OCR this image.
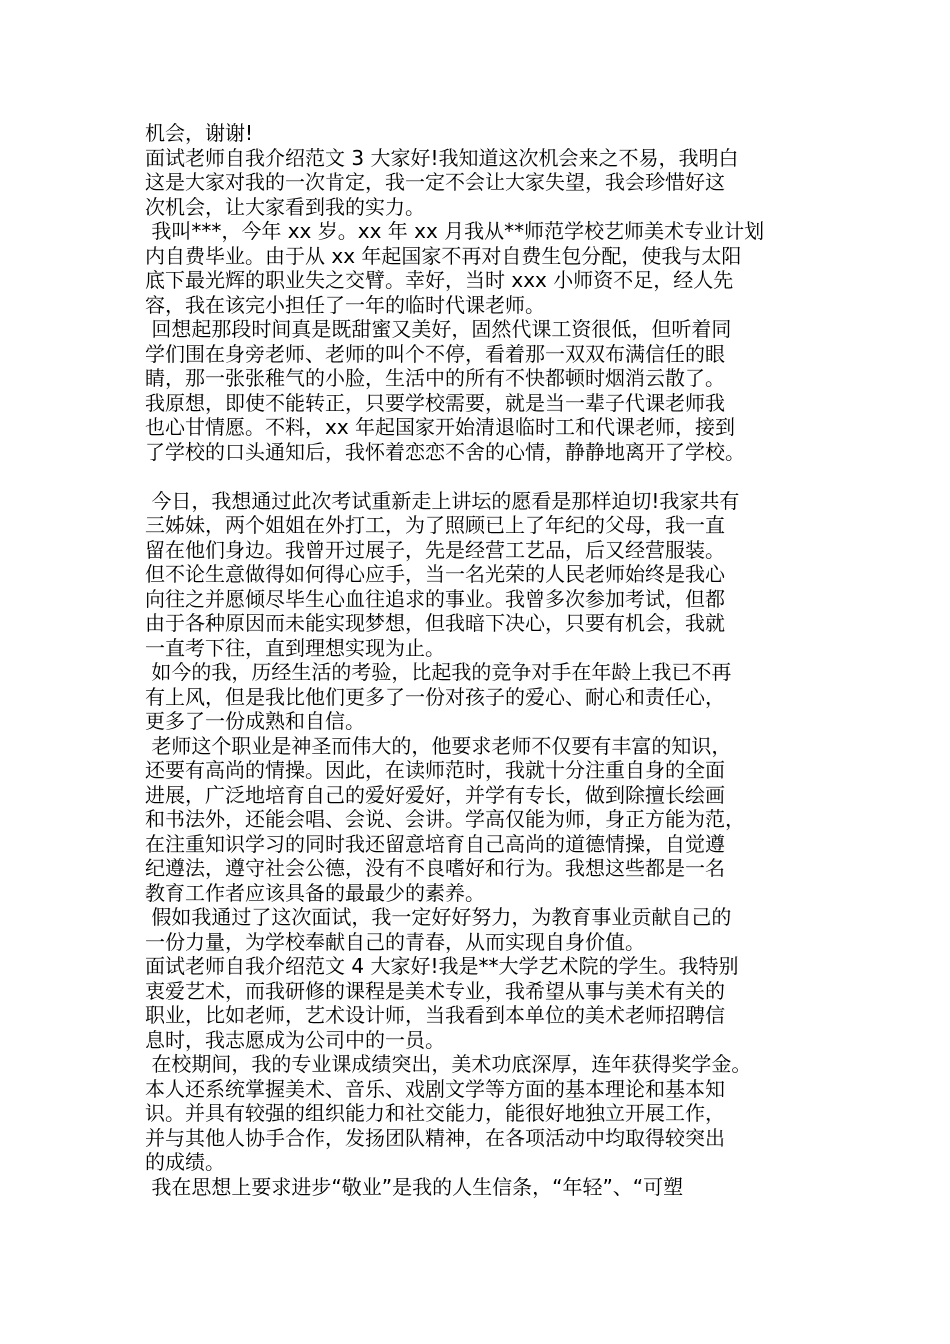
机会，谢谢!
面试老师自我介绍范文 3 大家好!我知道这次机会来之不易，我明白
这是大家对我的一次肯定，我一定不会让大家失望，我会珍惜好这
次机会，让大家看到我的实力。
我叫***，今年 xx 岁。xx 年 xx 月我从**师范学校艺师美术专业计划
内自费毕业。由于从 xx 年起国家不再对自费生包分配，使我与太阳
底下最光辉的职业失之交臂。幸好，当时 xxx 小师资不足，经人先
容，我在该完小担任了一年的临时代课老师。
回想起那段时间真是既甜蜜又美好，固然代课工资很低，但听着同
学们围在身旁老师、老师的叫个不停，看着那一双双布满信任的眼
睛，那一张张稚气的小脸，生活中的所有不快都顿时烟消云散了。
我原想，即使不能转正，只要学校需要，就是当一辈子代课老师我
也心甘情愿。不料，xx 年起国家开始清退临时工和代课老师，接到
了学校的口头通知后，我怀着恋恋不舍的心情，静静地离开了学校。
今日，我想通过此次考试重新走上讲坛的愿看是那样迫切!我家共有
三姊妹，两个姐姐在外打工，为了照顾已上了年纪的父母，我一直
留在他们身边。我曾开过展子，先是经营工艺品，后又经营服装。
但不论生意做得如何得心应手，当一名光荣的人民老师始终是我心
向往之并愿倾尽毕生心血往追求的事业。我曾多次参加考试，但都
由于各种原因而未能实现梦想，但我暗下决心，只要有机会，我就
一直考下往，直到理想实现为止。
如今的我，历经生活的考验，比起我的竞争对手在年龄上我已不再
有上风，但是我比他们更多了一份对孩子的爱心、耐心和责任心，
更多了一份成熟和自信。
老师这个职业是神圣而伟大的，他要求老师不仅要有丰富的知识，
还要有高尚的情操。因此，在读师范时，我就十分注重自身的全面
进展，广泛地培育自己的爱好爱好，并学有专长，做到除擅长绘画
和书法外，还能会唱、会说、会讲。学高仅能为师，身正方能为范，
在注重知识学习的同时我还留意培育自己高尚的道德情操，自觉遵
纪遵法，遵守社会公德，没有不良嗜好和行为。我想这些都是一名
教育工作者应该具备的最最少的素养。
假如我通过了这次面试，我一定好好努力，为教育事业贡献自己的
一份力量，为学校奉献自己的青春，从而实现自身价值。
面试老师自我介绍范文 4 大家好!我是**大学艺术院的学生。我特别
衷爱艺术，而我研修的课程是美术专业，我希望从事与美术有关的
职业，比如老师，艺术设计师，当我看到本单位的美术老师招聘信
息时，我志愿成为公司中的一员。
在校期间，我的专业课成绩突出，美术功底深厚，连年获得奖学金。
本人还系统掌握美术、音乐、戏剧文学等方面的基本理论和基本知
识。并具有较强的组织能力和社交能力，能很好地独立开展工作，
并与其他人协手合作，发扬团队精神，在各项活动中均取得较突出
的成绩。
我在思想上要求进步“敬业”是我的人生信条，“年轻”、“可塑
